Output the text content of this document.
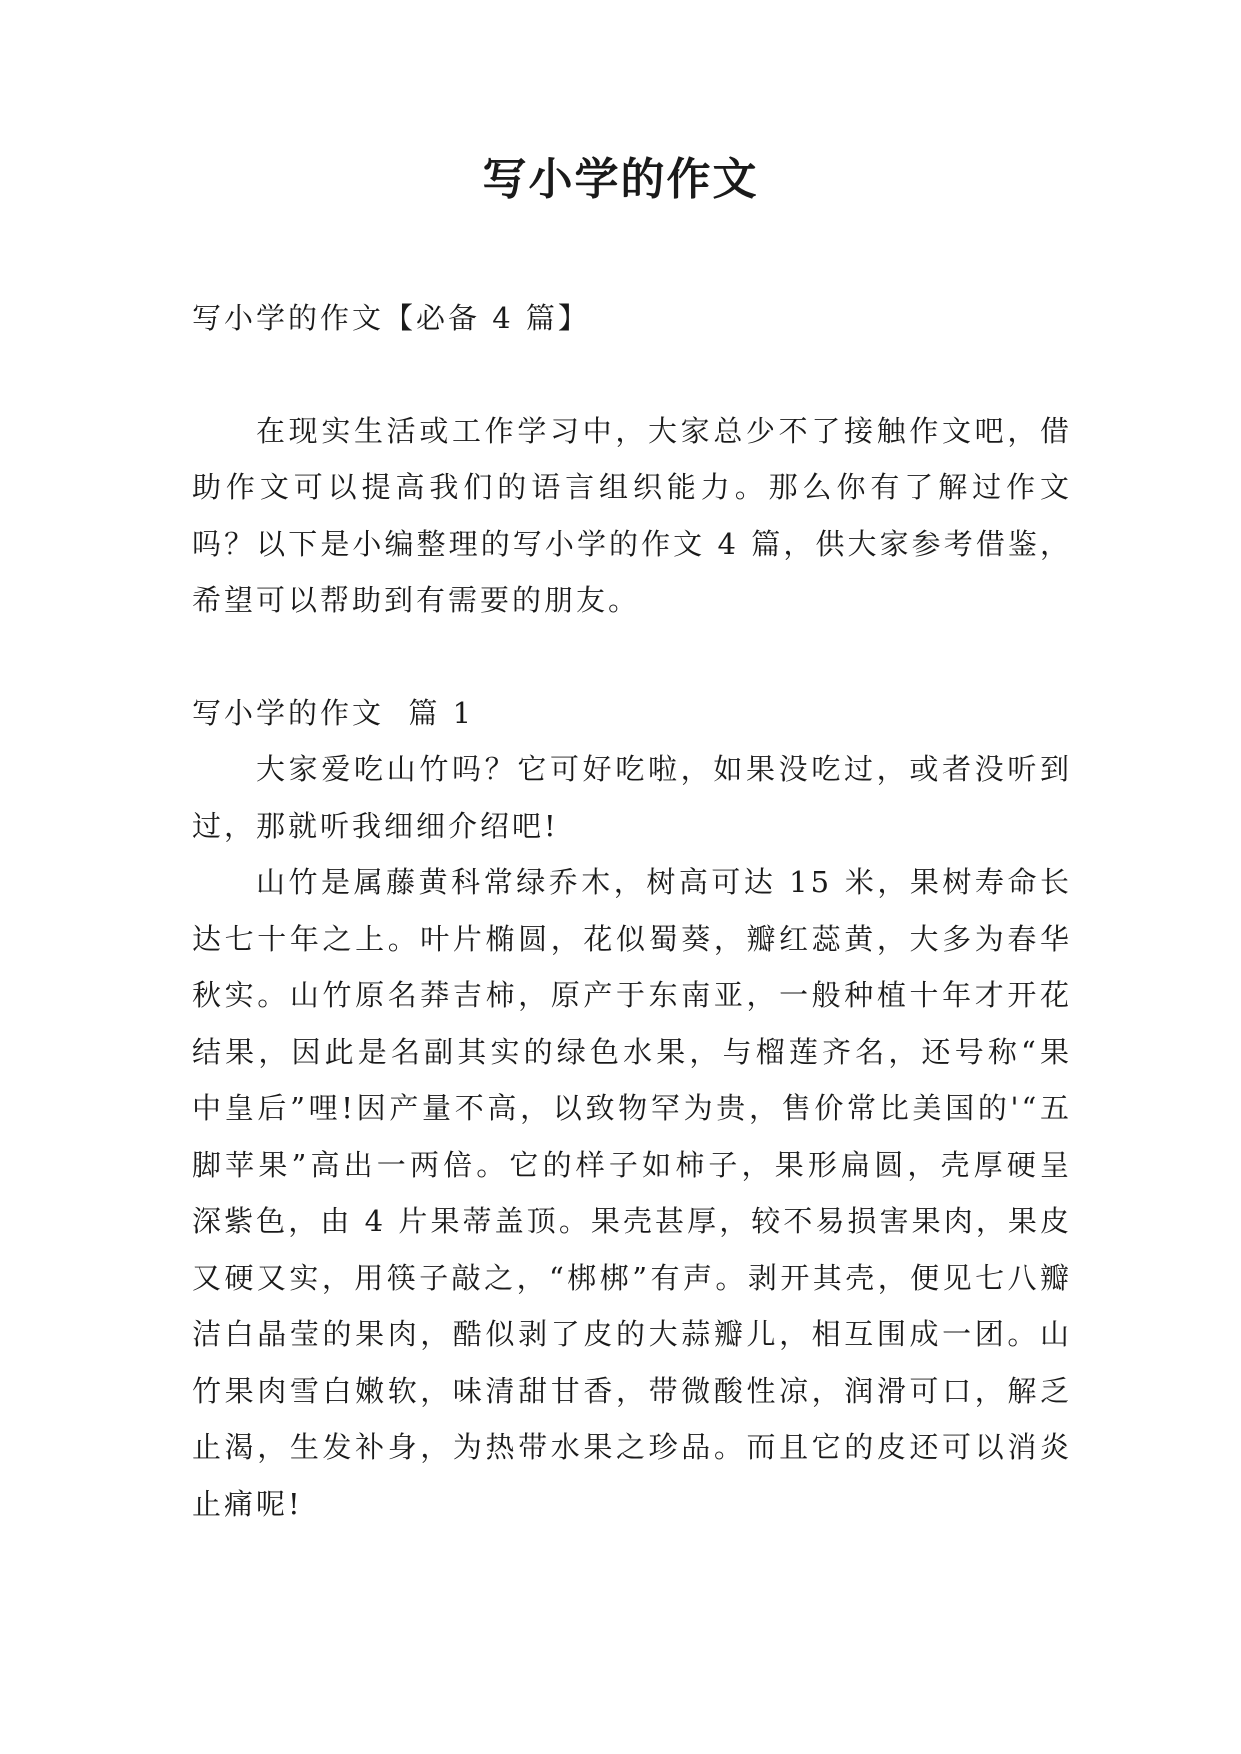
写小学的作文

写小学的作文【必备 4 篇】

在现实生活或工作学习中，大家总少不了接触作文吧，借助作文可以提高我们的语言组织能力。那么你有了解过作文吗？以下是小编整理的写小学的作文 4 篇，供大家参考借鉴，希望可以帮助到有需要的朋友。

写小学的作文  篇 1

大家爱吃山竹吗？它可好吃啦，如果没吃过，或者没听到过，那就听我细细介绍吧!

山竹是属藤黄科常绿乔木，树高可达 15 米，果树寿命长达七十年之上。叶片椭圆，花似蜀葵，瓣红蕊黄，大多为春华秋实。山竹原名莽吉柿，原产于东南亚，一般种植十年才开花结果，因此是名副其实的绿色水果，与榴莲齐名，还号称“果中皇后”哩!因产量不高，以致物罕为贵，售价常比美国的'“五脚苹果”高出一两倍。它的样子如柿子，果形扁圆，壳厚硬呈深紫色，由 4 片果蒂盖顶。果壳甚厚，较不易损害果肉，果皮又硬又实，用筷子敲之，“梆梆”有声。剥开其壳，便见七八瓣洁白晶莹的果肉，酷似剥了皮的大蒜瓣儿，相互围成一团。山竹果肉雪白嫩软，味清甜甘香，带微酸性凉，润滑可口，解乏止渴，生发补身，为热带水果之珍品。而且它的皮还可以消炎止痛呢!
